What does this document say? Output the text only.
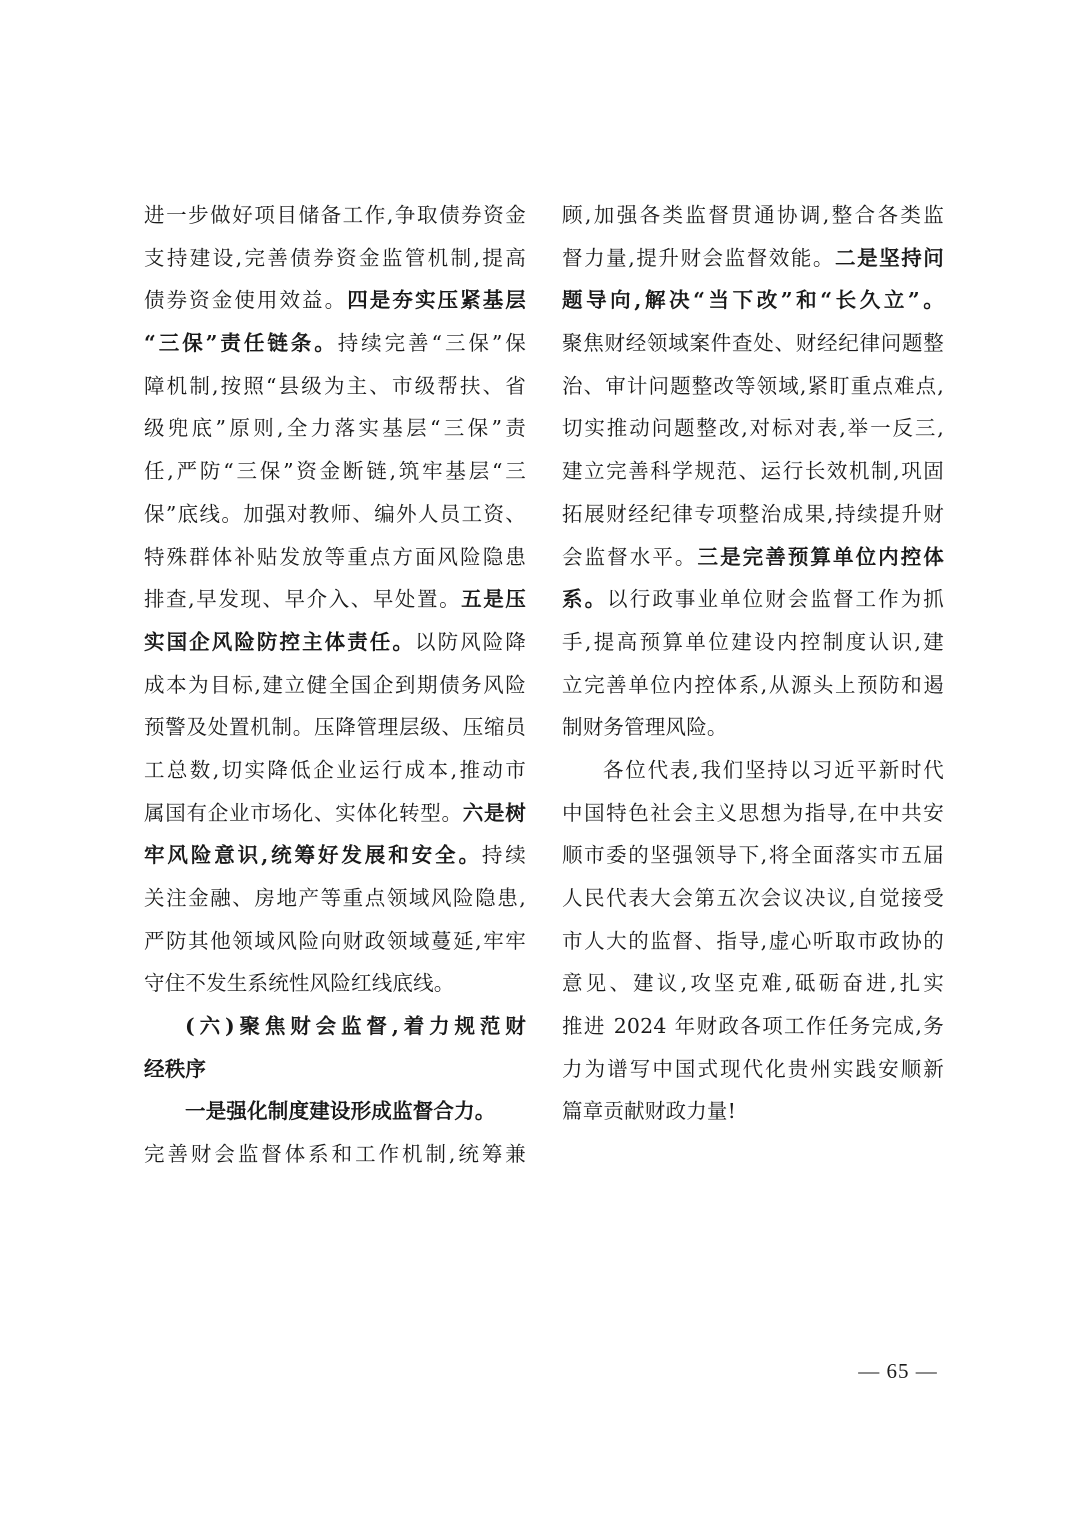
进一步做好项目储备工作,争取债券资金
支持建设,完善债券资金监管机制,提高
债券资金使用效益。四是夯实压紧基层
“三保”责任链条。持续完善“三保”保
障机制,按照“县级为主、市级帮扶、省
级兜底”原则,全力落实基层“三保”责
任,严防“三保”资金断链,筑牢基层“三
保”底线。加强对教师、编外人员工资、
特殊群体补贴发放等重点方面风险隐患
排查,早发现、早介入、早处置。五是压
实国企风险防控主体责任。以防风险降
成本为目标,建立健全国企到期债务风险
预警及处置机制。压降管理层级、压缩员
工总数,切实降低企业运行成本,推动市
属国有企业市场化、实体化转型。六是树
牢风险意识,统筹好发展和安全。持续
关注金融、房地产等重点领域风险隐患,
严防其他领域风险向财政领域蔓延,牢牢
守住不发生系统性风险红线底线。
(六)聚焦财会监督,着力规范财
经秩序
一是强化制度建设形成监督合力。
完善财会监督体系和工作机制,统筹兼
顾,加强各类监督贯通协调,整合各类监
督力量,提升财会监督效能。二是坚持问
题导向,解决“当下改”和“长久立”。
聚焦财经领域案件查处、财经纪律问题整
治、审计问题整改等领域,紧盯重点难点,
切实推动问题整改,对标对表,举一反三,
建立完善科学规范、运行长效机制,巩固
拓展财经纪律专项整治成果,持续提升财
会监督水平。三是完善预算单位内控体
系。以行政事业单位财会监督工作为抓
手,提高预算单位建设内控制度认识,建
立完善单位内控体系,从源头上预防和遏
制财务管理风险。
各位代表,我们坚持以习近平新时代
中国特色社会主义思想为指导,在中共安
顺市委的坚强领导下,将全面落实市五届
人民代表大会第五次会议决议,自觉接受
市人大的监督、指导,虚心听取市政协的
意见、建议,攻坚克难,砥砺奋进,扎实
推进 2024 年财政各项工作任务完成,务
力为谱写中国式现代化贵州实践安顺新
篇章贡献财政力量!
— 65 —
